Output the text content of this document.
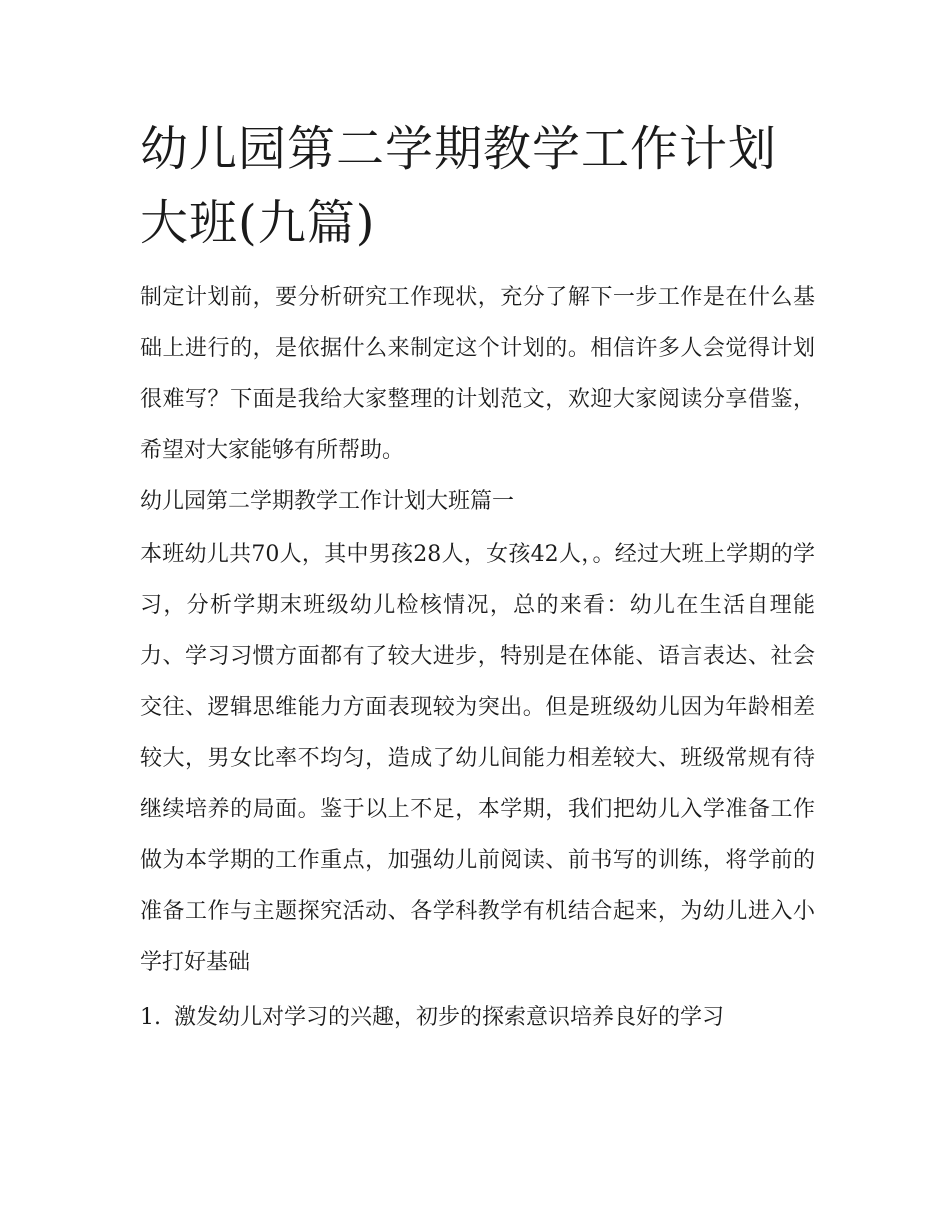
幼儿园第二学期教学工作计划大班(九篇)

制定计划前，要分析研究工作现状，充分了解下一步工作是在什么基础上进行的，是依据什么来制定这个计划的。相信许多人会觉得计划很难写？下面是我给大家整理的计划范文，欢迎大家阅读分享借鉴，希望对大家能够有所帮助。

幼儿园第二学期教学工作计划大班篇一

本班幼儿共70人，其中男孩28人，女孩42人，。经过大班上学期的学习，分析学期末班级幼儿检核情况，总的来看：幼儿在生活自理能力、学习习惯方面都有了较大进步，特别是在体能、语言表达、社会交往、逻辑思维能力方面表现较为突出。但是班级幼儿因为年龄相差较大，男女比率不均匀，造成了幼儿间能力相差较大、班级常规有待继续培养的局面。鉴于以上不足，本学期，我们把幼儿入学准备工作做为本学期的工作重点，加强幼儿前阅读、前书写的训练，将学前的准备工作与主题探究活动、各学科教学有机结合起来，为幼儿进入小学打好基础

1. 激发幼儿对学习的兴趣，初步的探索意识培养良好的学习
